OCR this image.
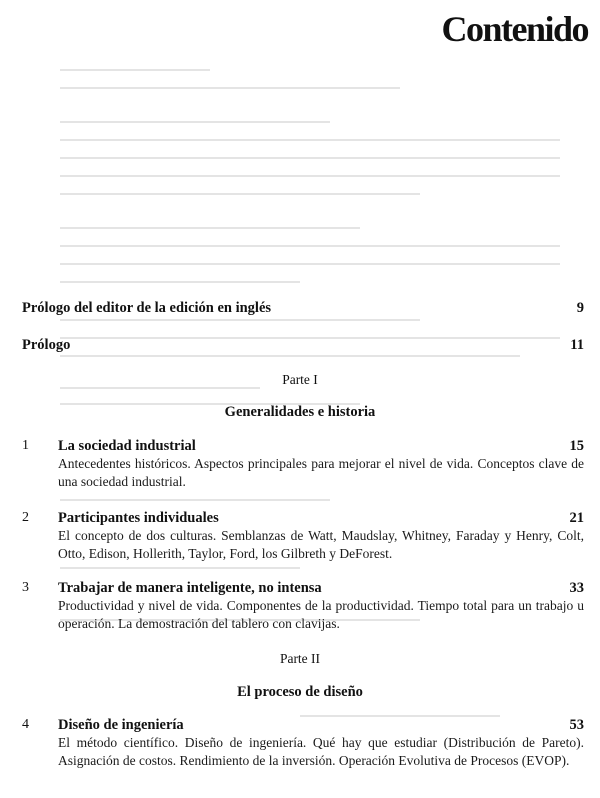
Contenido
Prólogo del editor de la edición en inglés	9
Prólogo	11
Parte I
Generalidades e historia
1	La sociedad industrial	15
Antecedentes históricos. Aspectos principales para mejorar el nivel de vida. Conceptos clave de una sociedad industrial.
2	Participantes individuales	21
El concepto de dos culturas. Semblanzas de Watt, Maudslay, Whitney, Faraday y Henry, Colt, Otto, Edison, Hollerith, Taylor, Ford, los Gilbreth y DeForest.
3	Trabajar de manera inteligente, no intensa	33
Productividad y nivel de vida. Componentes de la productividad. Tiempo total para un trabajo u operación. La demostración del tablero con clavijas.
Parte II
El proceso de diseño
4	Diseño de ingeniería	53
El método científico. Diseño de ingeniería. Qué hay que estudiar (Distribución de Pareto). Asignación de costos. Rendimiento de la inversión. Operación Evolutiva de Procesos (EVOP).
